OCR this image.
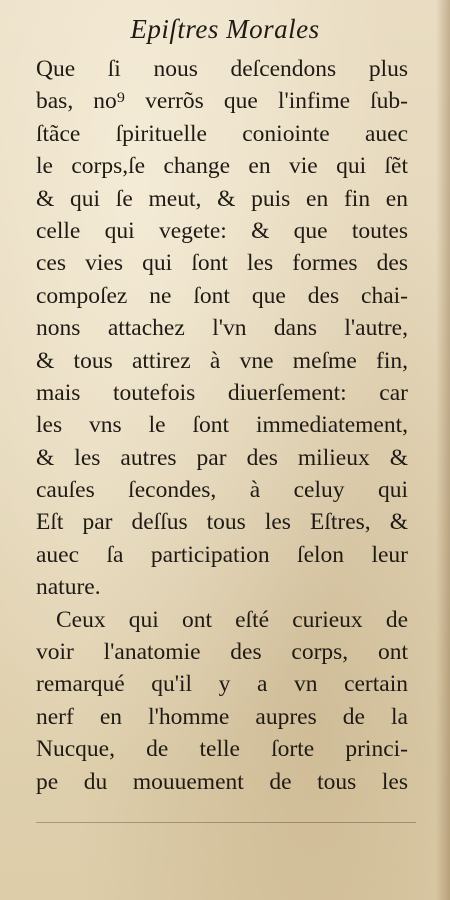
Epiſtres Morales
Que ſi nous deſcendons plus
bas, no⁹ verrõs que l'infime ſub-
ſtãce ſpirituelle coniointe auec
le corps,ſe change en vie qui ſẽt
& qui ſe meut, & puis en fin en
celle qui vegete: & que toutes
ces vies qui ſont les formes des
compoſez ne ſont que des chai-
nons attachez l'vn dans l'autre,
& tous attirez à vne meſme fin,
mais toutefois diuerſement: car
les vns le ſont immediatement,
& les autres par des milieux &
cauſes ſecondes, à celuy qui
Eſt par deſſus tous les Eſtres, &
auec ſa participation ſelon leur
nature.
Ceux qui ont eſté curieux de
voir l'anatomie des corps, ont
remarqué qu'il y a vn certain
nerf en l'homme aupres de la
Nucque, de telle ſorte princi-
pe du mouuement de tous les
